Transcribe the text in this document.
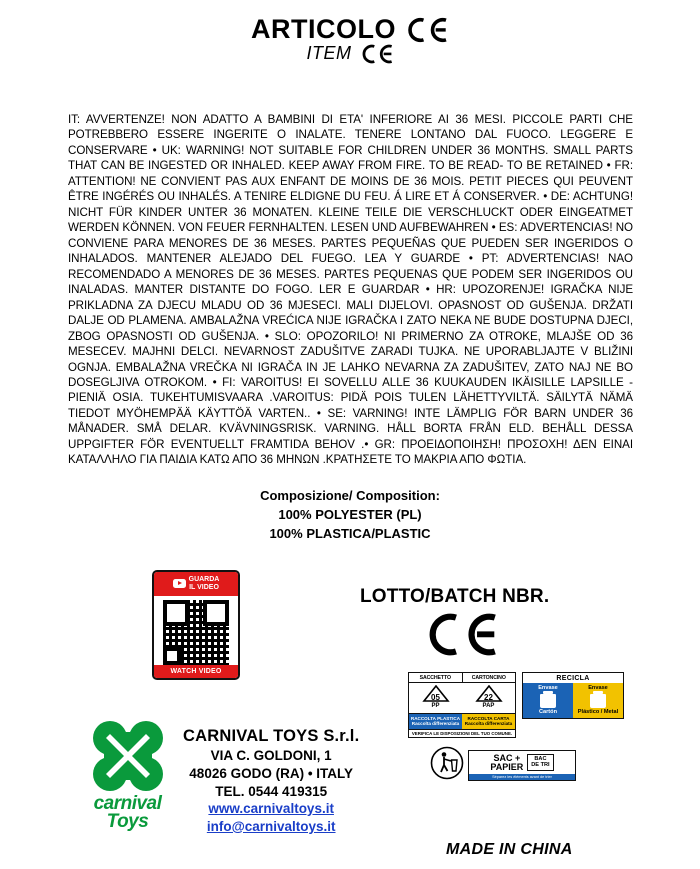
ARTICOLO
ITEM
IT: AVVERTENZE! NON ADATTO A BAMBINI DI ETA' INFERIORE AI 36 MESI. PICCOLE PARTI CHE POTREBBERO ESSERE INGERITE O INALATE. TENERE LONTANO DAL FUOCO. LEGGERE E CONSERVARE • UK: WARNING! NOT SUITABLE FOR CHILDREN UNDER 36 MONTHS. SMALL PARTS THAT CAN BE INGESTED OR INHALED. KEEP AWAY FROM FIRE. TO BE READ- TO BE RETAINED • FR: ATTENTION! NE CONVIENT PAS AUX ENFANT DE MOINS DE 36 MOIS. PETIT PIECES QUI PEUVENT ÊTRE INGÉRÉS OU INHALÉS. A TENIRE ELDIGNE DU FEU. Á LIRE ET Á CONSERVER. • DE: ACHTUNG! NICHT FÜR KINDER UNTER 36 MONATEN. KLEINE TEILE DIE VERSCHLUCKT ODER EINGEATMET WERDEN KÖNNEN. VON FEUER FERNHALTEN. LESEN UND AUFBEWAHREN • ES: ADVERTENCIAS! NO CONVIENE PARA MENORES DE 36 MESES. PARTES PEQUEÑAS QUE PUEDEN SER INGERIDOS O INHALADOS. MANTENER ALEJADO DEL FUEGO. LEA Y GUARDE • PT: ADVERTENCIAS! NAO RECOMENDADO A MENORES DE 36 MESES. PARTES PEQUENAS QUE PODEM SER INGERIDOS OU INALADAS. MANTER DISTANTE DO FOGO. LER E GUARDAR • HR: UPOZORENJE! IGRAČKA NIJE PRIKLADNA ZA DJECU MLADU OD 36 MJESECI. MALI DIJELOVI. OPASNOST OD GUŠENJA. DRŽATI DALJE OD PLAMENA. AMBALAŽNA VREĆICA NIJE IGRAČKA I ZATO NEKA NE BUDE DOSTUPNA DJECI, ZBOG OPASNOSTI OD GUŠENJA. • SLO: OPOZORILO! NI PRIMERNO ZA OTROKE, MLAJŠE OD 36 MESECEV. MAJHNI DELCI. NEVARNOST ZADUŠITVE ZARADI TUJKA. NE UPORABLJAJTE V BLIŽINI OGNJA. EMBALAŽNA VREČKA NI IGRAČA IN JE LAHKO NEVARNA ZA ZADUŠITEV, ZATO NAJ NE BO DOSEGLJIVA OTROKOM. • FI: VAROITUS! EI SOVELLU ALLE 36 KUUKAUDEN IKÄISILLE LAPSILLE - PIENIÄ OSIA. TUKEHTUMISVAARA .VAROITUS: PIDÄ POIS TULEN LÄHETTYVILTÄ. SÄILYTÄ NÄMÄ TIEDOT MYÖHEMPÄÄ KÄYTTÖÄ VARTEN.. • SE: VARNING! INTE LÄMPLIG FÖR BARN UNDER 36 MÅNADER. SMÅ DELAR. KVÄVNINGSRISK. VARNING. HÅLL BORTA FRÅN ELD. BEHÅLL DESSA UPPGIFTER FÖR EVENTUELLT FRAMTIDA BEHOV .• GR: ΠΡΟΕΙΔΟΠΟΙΗΣΗ! ΠΡΟΣΟΧΗ! ΔΕΝ ΕΙΝΑΙ ΚΑΤΑΛΛΗΛΟ ΓΙΑ ΠΑΙΔΙΑ ΚΑΤΩ ΑΠΟ 36 ΜΗΝΩΝ .ΚΡΑΤΗΣΕΤΕ ΤΟ ΜΑΚΡΙΑ ΑΠΟ ΦΩΤΙΑ.
Composizione/ Composition:
100% POLYESTER (PL)
100% PLASTICA/PLASTIC
GUARDA
IL VIDEO
WATCH VIDEO
LOTTO/BATCH NBR.
carnival
Toys
CARNIVAL TOYS S.r.l.
VIA C. GOLDONI, 1
48026 GODO (RA) • ITALY
TEL. 0544 419315
www.carnivaltoys.it
info@carnivaltoys.it
SACCHETTO	CARTONCINO
05
PP
22
PAP
RACCOLTA PLASTICA
Raccolta differenziata
RACCOLTA CARTA
Raccolta differenziata
VERIFICA LE DISPOSIZIONI DEL TUO COMUNE.
RECICLA
Envase
Cartón
Envase
Plástico / Metal
SAC +
PAPIER
BAC
DE TRI
Séparez les éléments avant de trier
MADE IN CHINA
